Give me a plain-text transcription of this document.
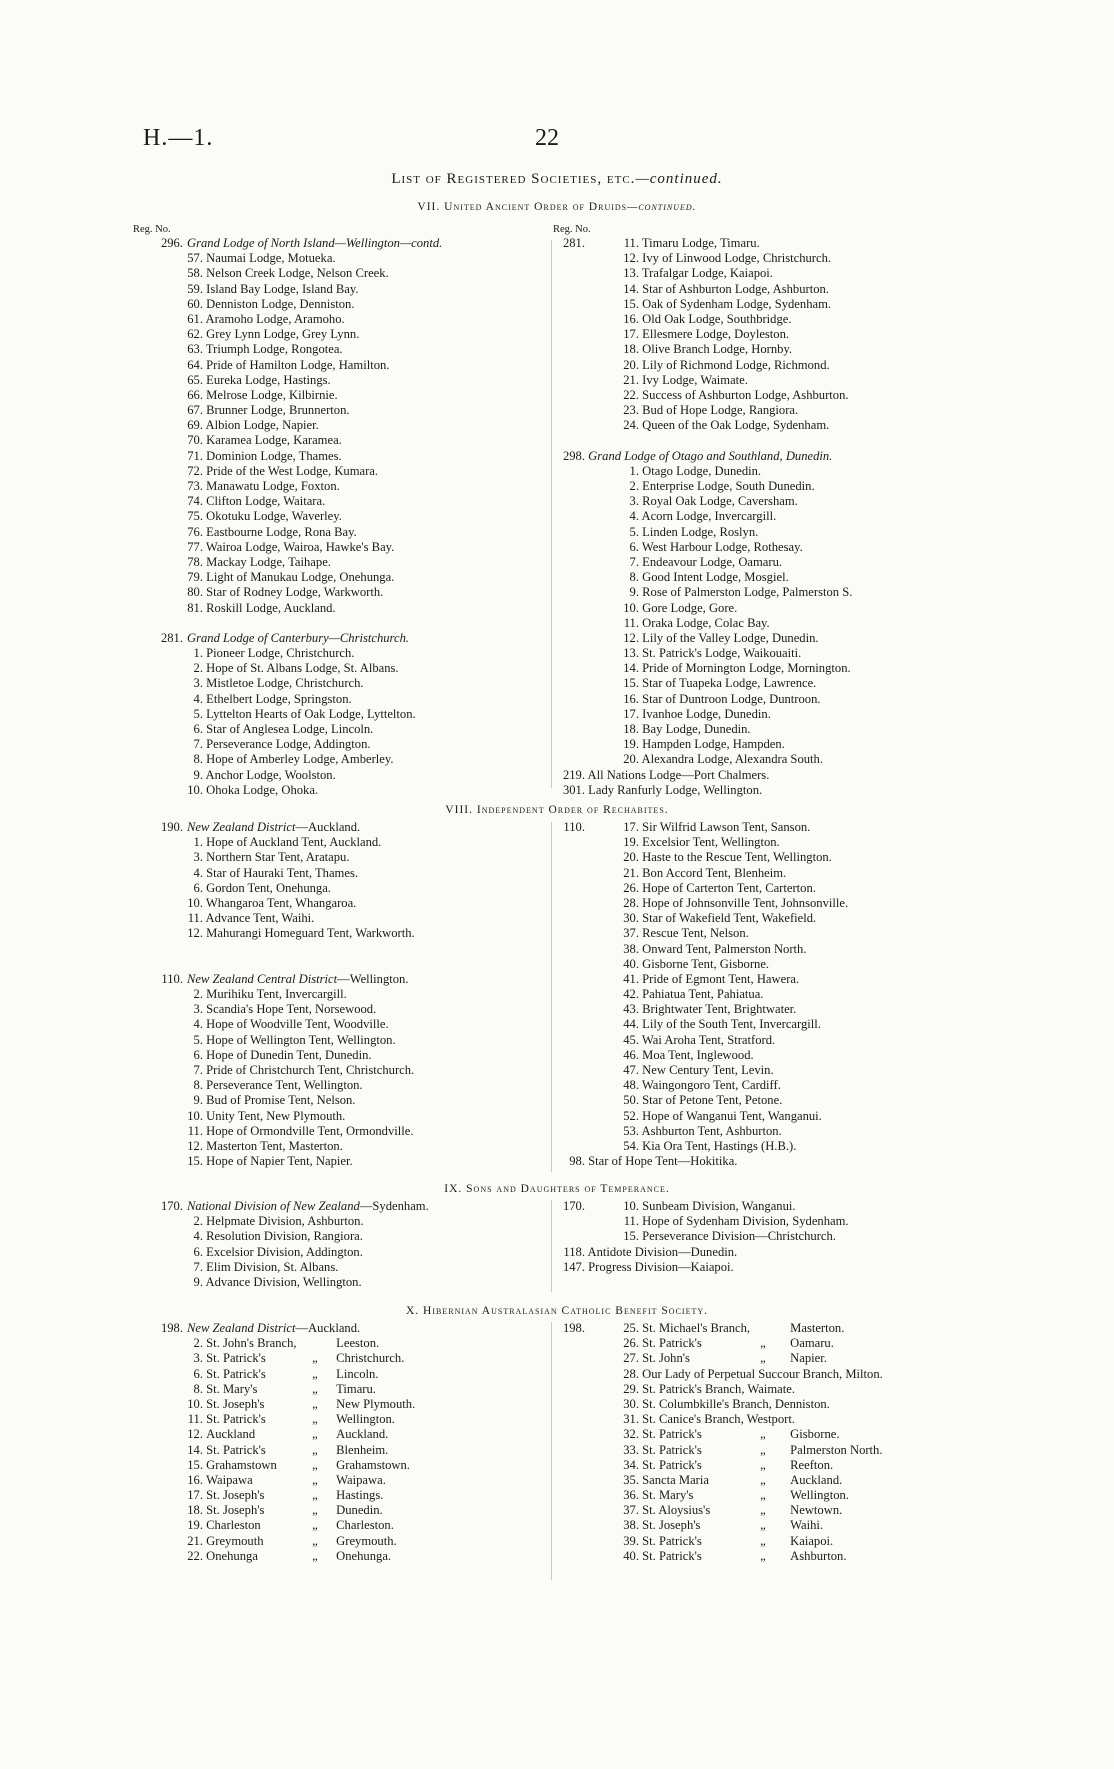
H.—1.	22
List of Registered Societies, etc.—continued.
VII. United Ancient Order of Druids—continued.
Reg. No.	Reg. No.
296. Grand Lodge of North Island—Wellington—contd.
57. Naumai Lodge, Motueka.
58. Nelson Creek Lodge, Nelson Creek.
59. Island Bay Lodge, Island Bay.
60. Denniston Lodge, Denniston.
61. Aramoho Lodge, Aramoho.
62. Grey Lynn Lodge, Grey Lynn.
63. Triumph Lodge, Rongotea.
64. Pride of Hamilton Lodge, Hamilton.
65. Eureka Lodge, Hastings.
66. Melrose Lodge, Kilbirnie.
67. Brunner Lodge, Brunnerton.
69. Albion Lodge, Napier.
70. Karamea Lodge, Karamea.
71. Dominion Lodge, Thames.
72. Pride of the West Lodge, Kumara.
73. Manawatu Lodge, Foxton.
74. Clifton Lodge, Waitara.
75. Okotuku Lodge, Waverley.
76. Eastbourne Lodge, Rona Bay.
77. Wairoa Lodge, Wairoa, Hawke's Bay.
78. Mackay Lodge, Taihape.
79. Light of Manukau Lodge, Onehunga.
80. Star of Rodney Lodge, Warkworth.
81. Roskill Lodge, Auckland.
281. Grand Lodge of Canterbury—Christchurch.
1. Pioneer Lodge, Christchurch.
2. Hope of St. Albans Lodge, St. Albans.
3. Mistletoe Lodge, Christchurch.
4. Ethelbert Lodge, Springston.
5. Lyttelton Hearts of Oak Lodge, Lyttelton.
6. Star of Anglesea Lodge, Lincoln.
7. Perseverance Lodge, Addington.
8. Hope of Amberley Lodge, Amberley.
9. Anchor Lodge, Woolston.
10. Ohoka Lodge, Ohoka.
281.	11. Timaru Lodge, Timaru.
12. Ivy of Linwood Lodge, Christchurch.
13. Trafalgar Lodge, Kaiapoi.
14. Star of Ashburton Lodge, Ashburton.
15. Oak of Sydenham Lodge, Sydenham.
16. Old Oak Lodge, Southbridge.
17. Ellesmere Lodge, Doyleston.
18. Olive Branch Lodge, Hornby.
20. Lily of Richmond Lodge, Richmond.
21. Ivy Lodge, Waimate.
22. Success of Ashburton Lodge, Ashburton.
23. Bud of Hope Lodge, Rangiora.
24. Queen of the Oak Lodge, Sydenham.
298. Grand Lodge of Otago and Southland, Dunedin.
1. Otago Lodge, Dunedin.
2. Enterprise Lodge, South Dunedin.
3. Royal Oak Lodge, Caversham.
4. Acorn Lodge, Invercargill.
5. Linden Lodge, Roslyn.
6. West Harbour Lodge, Rothesay.
7. Endeavour Lodge, Oamaru.
8. Good Intent Lodge, Mosgiel.
9. Rose of Palmerston Lodge, Palmerston S.
10. Gore Lodge, Gore.
11. Oraka Lodge, Colac Bay.
12. Lily of the Valley Lodge, Dunedin.
13. St. Patrick's Lodge, Waikouaiti.
14. Pride of Mornington Lodge, Mornington.
15. Star of Tuapeka Lodge, Lawrence.
16. Star of Duntroon Lodge, Duntroon.
17. Ivanhoe Lodge, Dunedin.
18. Bay Lodge, Dunedin.
19. Hampden Lodge, Hampden.
20. Alexandra Lodge, Alexandra South.
219. All Nations Lodge—Port Chalmers.
301. Lady Ranfurly Lodge, Wellington.
VIII. Independent Order of Rechabites.
190. New Zealand District—Auckland.
1. Hope of Auckland Tent, Auckland.
3. Northern Star Tent, Aratapu.
4. Star of Hauraki Tent, Thames.
6. Gordon Tent, Onehunga.
10. Whangaroa Tent, Whangaroa.
11. Advance Tent, Waihi.
12. Mahurangi Homeguard Tent, Warkworth.
110. New Zealand Central District—Wellington.
2. Murihiku Tent, Invercargill.
3. Scandia's Hope Tent, Norsewood.
4. Hope of Woodville Tent, Woodville.
5. Hope of Wellington Tent, Wellington.
6. Hope of Dunedin Tent, Dunedin.
7. Pride of Christchurch Tent, Christchurch.
8. Perseverance Tent, Wellington.
9. Bud of Promise Tent, Nelson.
10. Unity Tent, New Plymouth.
11. Hope of Ormondville Tent, Ormondville.
12. Masterton Tent, Masterton.
15. Hope of Napier Tent, Napier.
110.	17. Sir Wilfrid Lawson Tent, Sanson.
19. Excelsior Tent, Wellington.
20. Haste to the Rescue Tent, Wellington.
21. Bon Accord Tent, Blenheim.
26. Hope of Carterton Tent, Carterton.
28. Hope of Johnsonville Tent, Johnsonville.
30. Star of Wakefield Tent, Wakefield.
37. Rescue Tent, Nelson.
38. Onward Tent, Palmerston North.
40. Gisborne Tent, Gisborne.
41. Pride of Egmont Tent, Hawera.
42. Pahiatua Tent, Pahiatua.
43. Brightwater Tent, Brightwater.
44. Lily of the South Tent, Invercargill.
45. Wai Aroha Tent, Stratford.
46. Moa Tent, Inglewood.
47. New Century Tent, Levin.
48. Waingongoro Tent, Cardiff.
50. Star of Petone Tent, Petone.
52. Hope of Wanganui Tent, Wanganui.
53. Ashburton Tent, Ashburton.
54. Kia Ora Tent, Hastings (H.B.).
98. Star of Hope Tent—Hokitika.
IX. Sons and Daughters of Temperance.
170. National Division of New Zealand—Sydenham.
2. Helpmate Division, Ashburton.
4. Resolution Division, Rangiora.
6. Excelsior Division, Addington.
7. Elim Division, St. Albans.
9. Advance Division, Wellington.
170.	10. Sunbeam Division, Wanganui.
11. Hope of Sydenham Division, Sydenham.
15. Perseverance Division—Christchurch.
118. Antidote Division—Dunedin.
147. Progress Division—Kaiapoi.
X. Hibernian Australasian Catholic Benefit Society.
198. New Zealand District—Auckland.
2. St. John's Branch,	Leeston.
3. St. Patrick's	„ Christchurch.
6. St. Patrick's	„ Lincoln.
8. St. Mary's	„ Timaru.
10. St. Joseph's	„ New Plymouth.
11. St. Patrick's	„ Wellington.
12. Auckland	„ Auckland.
14. St. Patrick's	„ Blenheim.
15. Grahamstown	„ Grahamstown.
16. Waipawa	„ Waipawa.
17. St. Joseph's	„ Hastings.
18. St. Joseph's	„ Dunedin.
19. Charleston	„ Charleston.
21. Greymouth	„ Greymouth.
22. Onehunga	„ Onehunga.
198.	25. St. Michael's Branch,	Masterton.
26. St. Patrick's	„ Oamaru.
27. St. John's	„ Napier.
28. Our Lady of Perpetual Succour Branch, Milton.
29. St. Patrick's Branch, Waimate.
30. St. Columbkille's Branch, Denniston.
31. St. Canice's Branch, Westport.
32. St. Patrick's	„ Gisborne.
33. St. Patrick's	„ Palmerston North.
34. St. Patrick's	„ Reefton.
35. Sancta Maria	„ Auckland.
36. St. Mary's	„ Wellington.
37. St. Aloysius's	„ Newtown.
38. St. Joseph's	„ Waihi.
39. St. Patrick's	„ Kaiapoi.
40. St. Patrick's	„ Ashburton.
